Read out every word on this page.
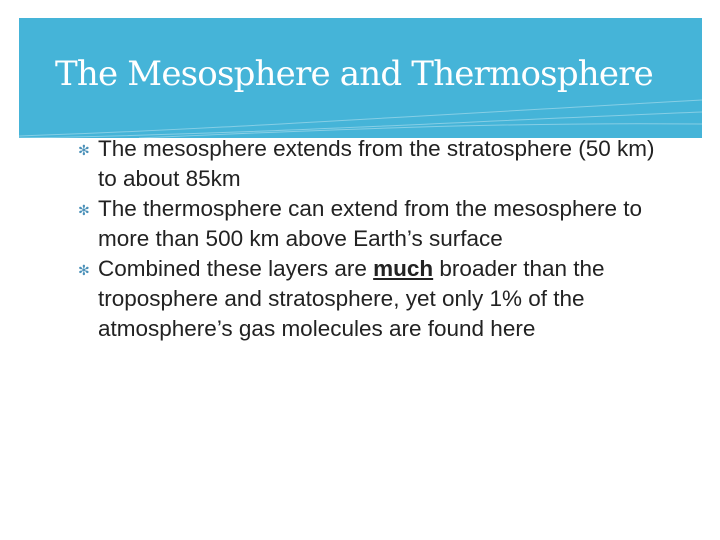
The Mesosphere and Thermosphere
✻ The mesosphere extends from the stratosphere (50 km) to about 85km
✻ The thermosphere can extend from the mesosphere to more than 500 km above Earth’s surface
✻ Combined these layers are much broader than the troposphere and stratosphere, yet only 1% of the atmosphere’s gas molecules are found here
